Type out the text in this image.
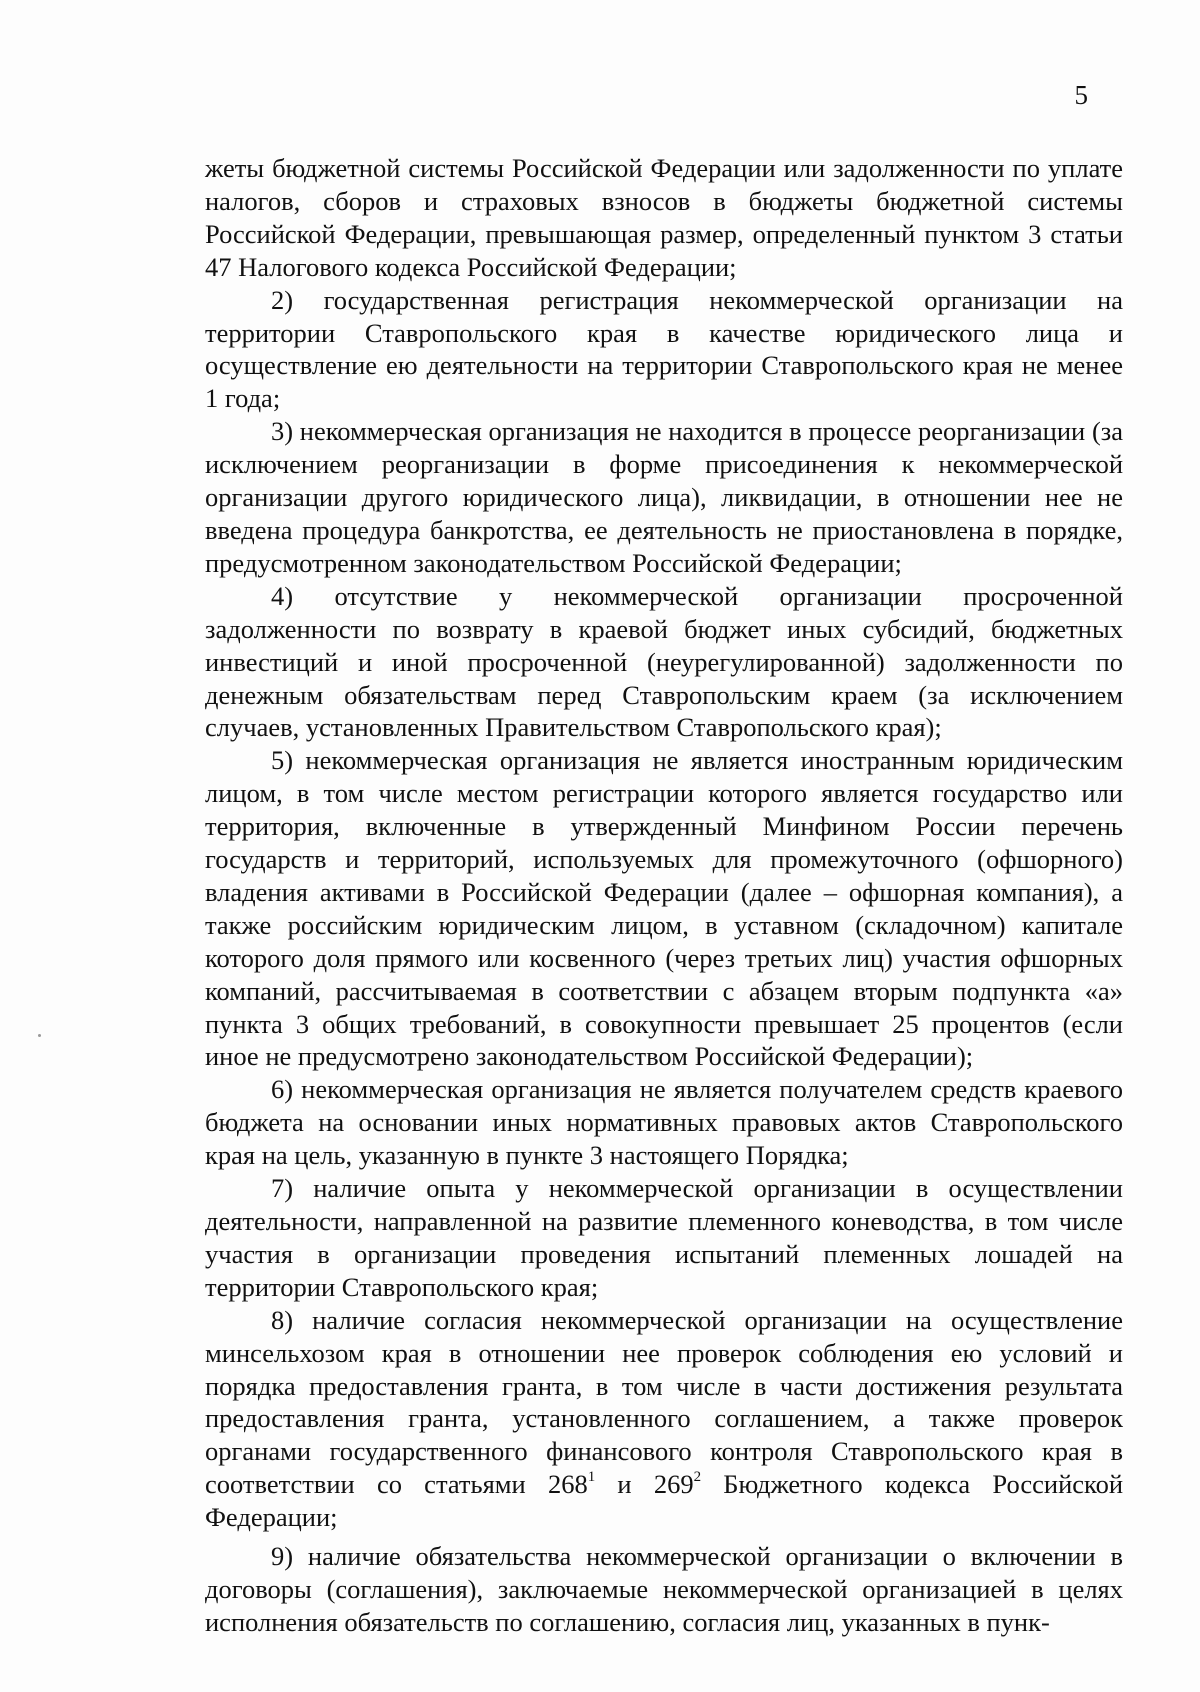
5

жеты бюджетной системы Российской Федерации или задолженности по уплате налогов, сборов и страховых взносов в бюджеты бюджетной системы Российской Федерации, превышающая размер, определенный пунктом 3 статьи 47 Налогового кодекса Российской Федерации;

2) государственная регистрация некоммерческой организации на территории Ставропольского края в качестве юридического лица и осуществление ею деятельности на территории Ставропольского края не менее 1 года;

3) некоммерческая организация не находится в процессе реорганизации (за исключением реорганизации в форме присоединения к некоммерческой организации другого юридического лица), ликвидации, в отношении нее не введена процедура банкротства, ее деятельность не приостановлена в порядке, предусмотренном законодательством Российской Федерации;

4) отсутствие у некоммерческой организации просроченной задолженности по возврату в краевой бюджет иных субсидий, бюджетных инвестиций и иной просроченной (неурегулированной) задолженности по денежным обязательствам перед Ставропольским краем (за исключением случаев, установленных Правительством Ставропольского края);

5) некоммерческая организация не является иностранным юридическим лицом, в том числе местом регистрации которого является государство или территория, включенные в утвержденный Минфином России перечень государств и территорий, используемых для промежуточного (офшорного) владения активами в Российской Федерации (далее – офшорная компания), а также российским юридическим лицом, в уставном (складочном) капитале которого доля прямого или косвенного (через третьих лиц) участия офшорных компаний, рассчитываемая в соответствии с абзацем вторым подпункта «а» пункта 3 общих требований, в совокупности превышает 25 процентов (если иное не предусмотрено законодательством Российской Федерации);

6) некоммерческая организация не является получателем средств краевого бюджета на основании иных нормативных правовых актов Ставропольского края на цель, указанную в пункте 3 настоящего Порядка;

7) наличие опыта у некоммерческой организации в осуществлении деятельности, направленной на развитие племенного коневодства, в том числе участия в организации проведения испытаний племенных лошадей на территории Ставропольского края;

8) наличие согласия некоммерческой организации на осуществление минсельхозом края в отношении нее проверок соблюдения ею условий и порядка предоставления гранта, в том числе в части достижения результата предоставления гранта, установленного соглашением, а также проверок органами государственного финансового контроля Ставропольского края в соответствии со статьями $268^1$ и $269^2$ Бюджетного кодекса Российской Федерации;

9) наличие обязательства некоммерческой организации о включении в договоры (соглашения), заключаемые некоммерческой организацией в целях исполнения обязательств по соглашению, согласия лиц, указанных в пунк-
